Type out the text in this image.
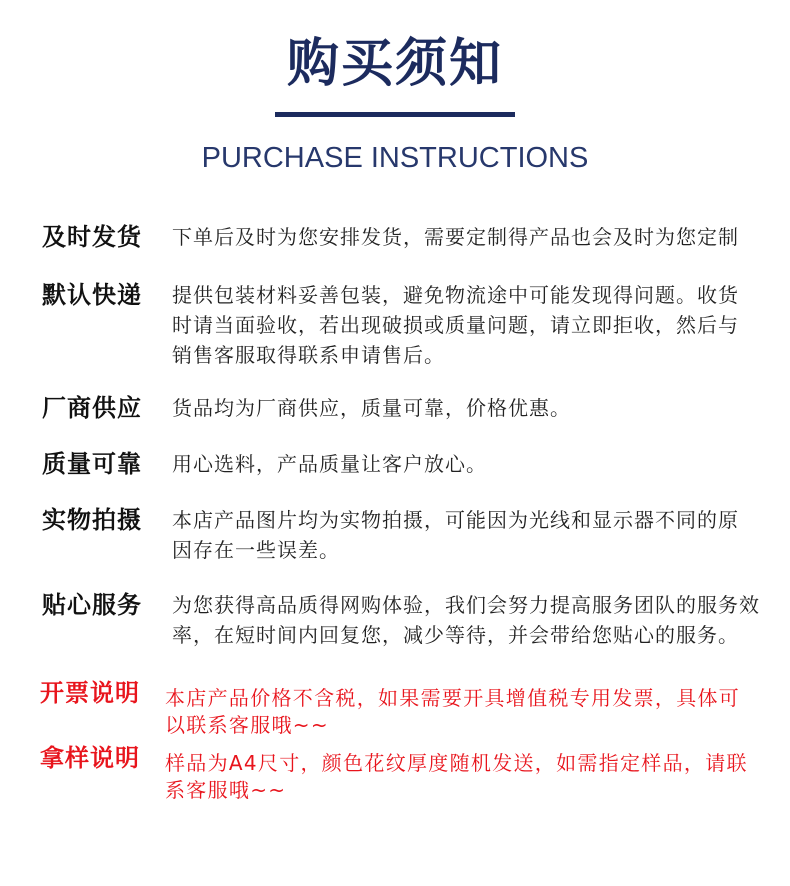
购买须知
PURCHASE INSTRUCTIONS
及时发货 下单后及时为您安排发货，需要定制得产品也会及时为您定制
默认快递 提供包装材料妥善包装，避免物流途中可能发现得问题。收货
时请当面验收，若出现破损或质量问题，请立即拒收，然后与
销售客服取得联系申请售后。
厂商供应 货品均为厂商供应，质量可靠，价格优惠。
质量可靠 用心选料，产品质量让客户放心。
实物拍摄 本店产品图片均为实物拍摄，可能因为光线和显示器不同的原
因存在一些误差。
贴心服务 为您获得高品质得网购体验，我们会努力提高服务团队的服务效
率，在短时间内回复您，减少等待，并会带给您贴心的服务。
开票说明 本店产品价格不含税，如果需要开具增值税专用发票，具体可
以联系客服哦~~
拿样说明 样品为A4尺寸，颜色花纹厚度随机发送，如需指定样品，请联
系客服哦~~
